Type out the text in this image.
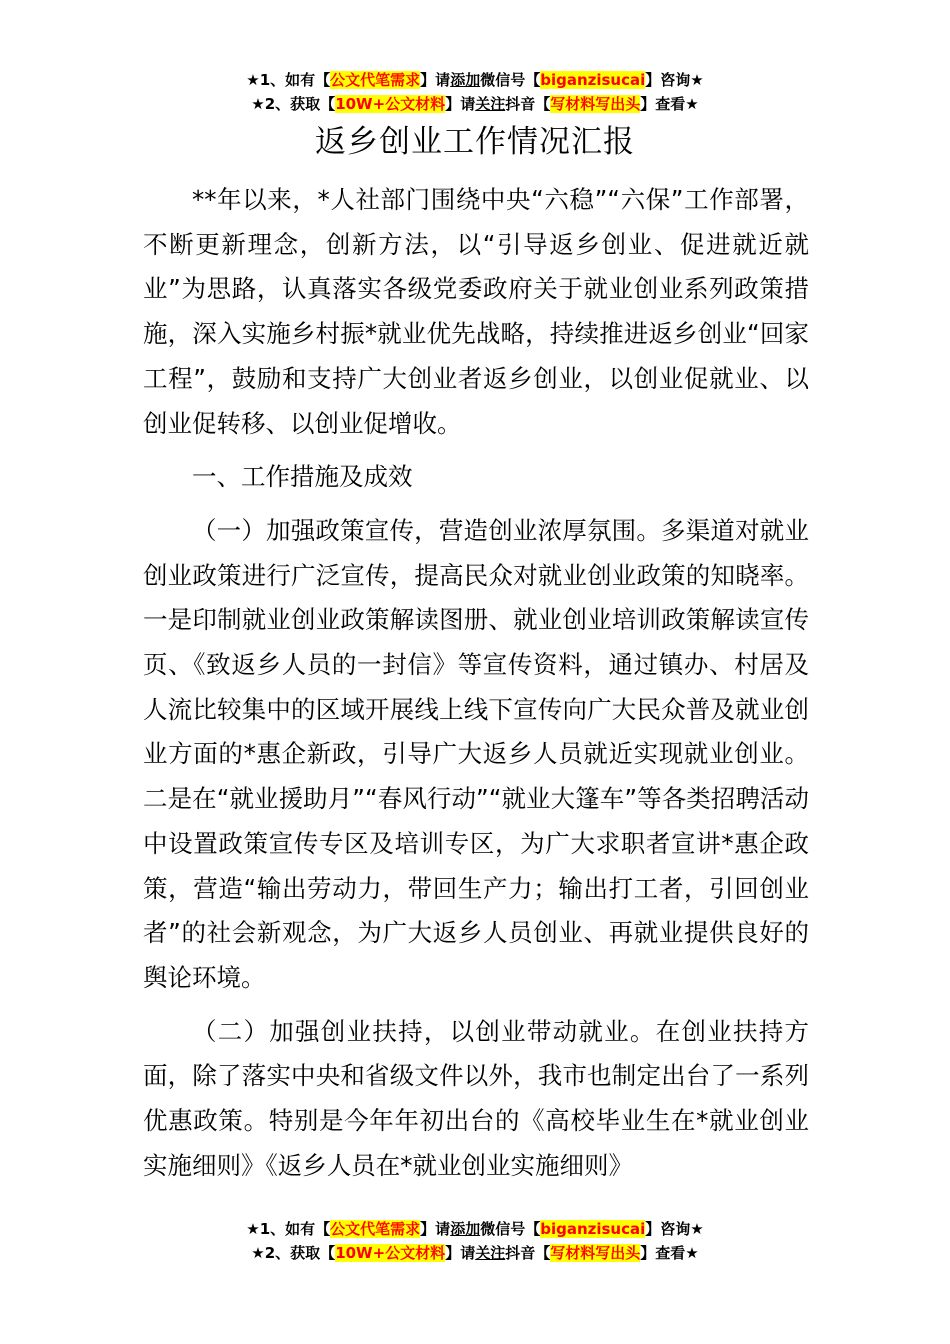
★1、如有【公文代笔需求】请添加微信号【biganzisucai】咨询★
★2、获取【10W+公文材料】请关注抖音【写材料写出头】查看★
返乡创业工作情况汇报

**年以来，*人社部门围绕中央“六稳”“六保”工作部署，不断更新理念，创新方法，以“引导返乡创业、促进就近就业”为思路，认真落实各级党委政府关于就业创业系列政策措施，深入实施乡村振*就业优先战略，持续推进返乡创业“回家工程”，鼓励和支持广大创业者返乡创业，以创业促就业、以创业促转移、以创业促增收。

一、工作措施及成效

（一）加强政策宣传，营造创业浓厚氛围。多渠道对就业创业政策进行广泛宣传，提高民众对就业创业政策的知晓率。一是印制就业创业政策解读图册、就业创业培训政策解读宣传页、《致返乡人员的一封信》等宣传资料，通过镇办、村居及人流比较集中的区域开展线上线下宣传向广大民众普及就业创业方面的*惠企新政，引导广大返乡人员就近实现就业创业。二是在“就业援助月”“春风行动”“就业大篷车”等各类招聘活动中设置政策宣传专区及培训专区，为广大求职者宣讲*惠企政策，营造“输出劳动力，带回生产力；输出打工者，引回创业者”的社会新观念，为广大返乡人员创业、再就业提供良好的舆论环境。

（二）加强创业扶持，以创业带动就业。在创业扶持方面，除了落实中央和省级文件以外，我市也制定出台了一系列优惠政策。特别是今年年初出台的《高校毕业生在*就业创业实施细则》《返乡人员在*就业创业实施细则》

★1、如有【公文代笔需求】请添加微信号【biganzisucai】咨询★
★2、获取【10W+公文材料】请关注抖音【写材料写出头】查看★
